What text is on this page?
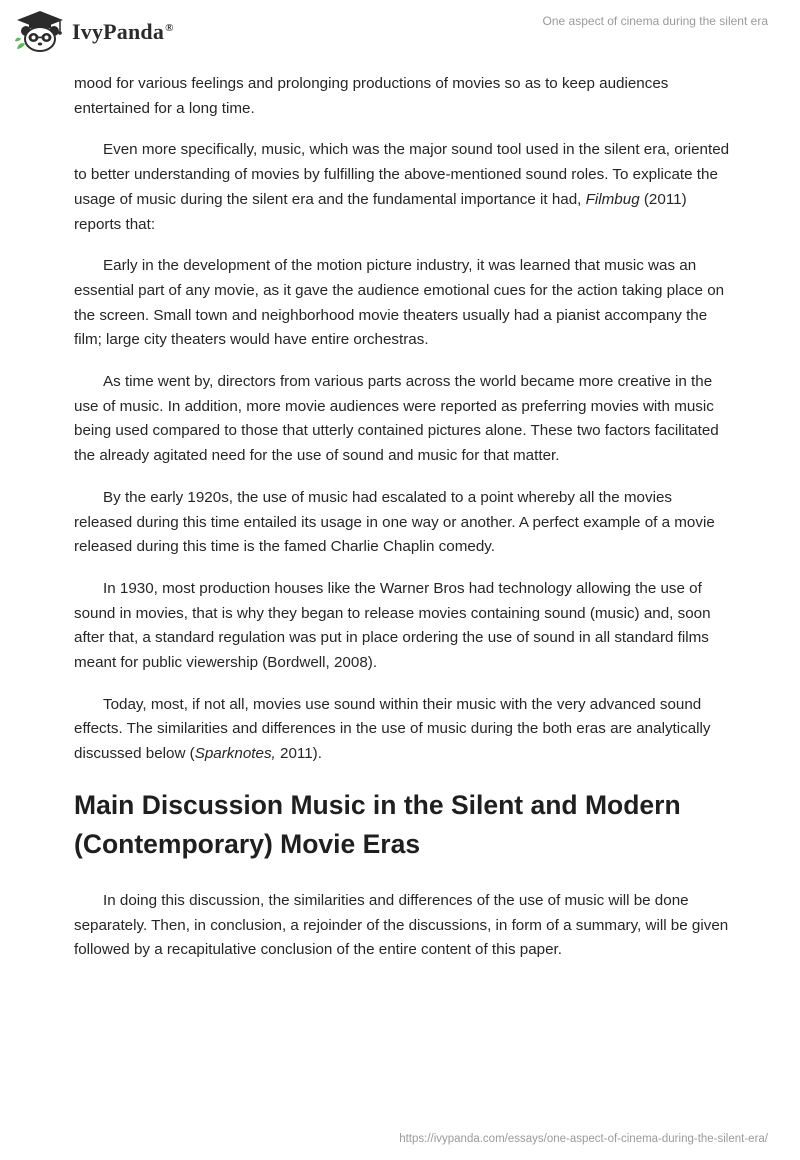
IvyPanda®	One aspect of cinema during the silent era

mood for various feelings and prolonging productions of movies so as to keep audiences entertained for a long time.

Even more specifically, music, which was the major sound tool used in the silent era, oriented to better understanding of movies by fulfilling the above-mentioned sound roles. To explicate the usage of music during the silent era and the fundamental importance it had, Filmbug (2011) reports that:

Early in the development of the motion picture industry, it was learned that music was an essential part of any movie, as it gave the audience emotional cues for the action taking place on the screen. Small town and neighborhood movie theaters usually had a pianist accompany the film; large city theaters would have entire orchestras.

As time went by, directors from various parts across the world became more creative in the use of music. In addition, more movie audiences were reported as preferring movies with music being used compared to those that utterly contained pictures alone. These two factors facilitated the already agitated need for the use of sound and music for that matter.

By the early 1920s, the use of music had escalated to a point whereby all the movies released during this time entailed its usage in one way or another. A perfect example of a movie released during this time is the famed Charlie Chaplin comedy.

In 1930, most production houses like the Warner Bros had technology allowing the use of sound in movies, that is why they began to release movies containing sound (music) and, soon after that, a standard regulation was put in place ordering the use of sound in all standard films meant for public viewership (Bordwell, 2008).

Today, most, if not all, movies use sound within their music with the very advanced sound effects. The similarities and differences in the use of music during the both eras are analytically discussed below (Sparknotes, 2011).

Main Discussion Music in the Silent and Modern (Contemporary) Movie Eras

In doing this discussion, the similarities and differences of the use of music will be done separately. Then, in conclusion, a rejoinder of the discussions, in form of a summary, will be given followed by a recapitulative conclusion of the entire content of this paper.

https://ivypanda.com/essays/one-aspect-of-cinema-during-the-silent-era/
